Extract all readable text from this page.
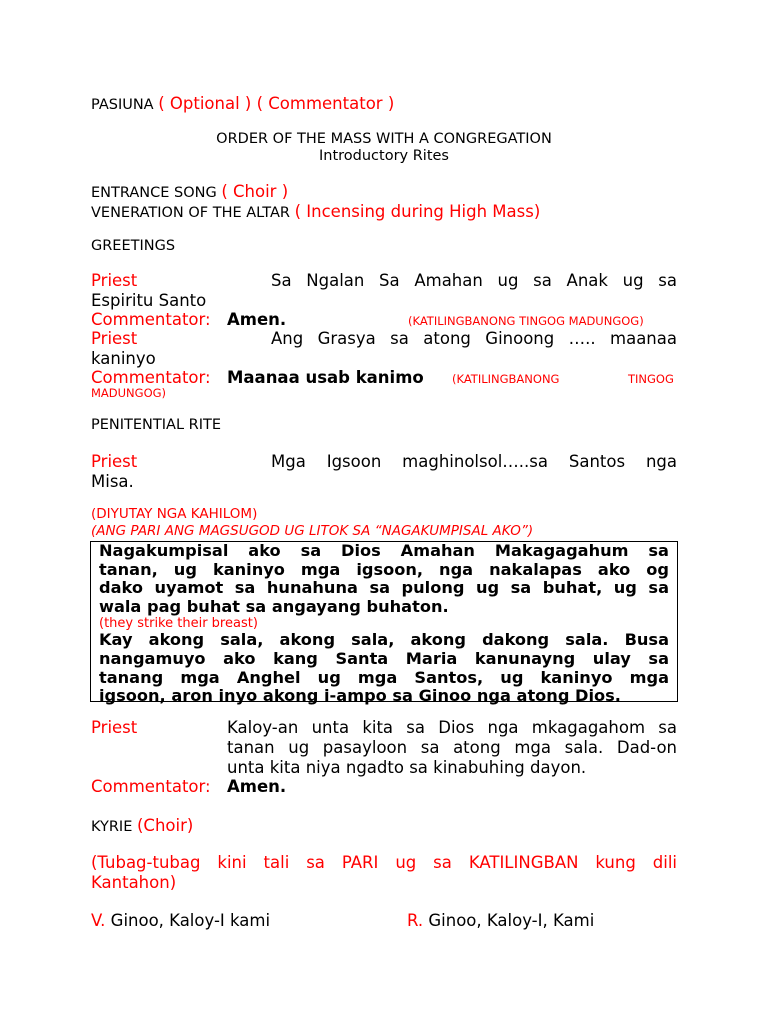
PASIUNA ( Optional ) ( Commentator )
ORDER OF THE MASS WITH A CONGREGATION
Introductory Rites
ENTRANCE SONG ( Choir )
VENERATION OF THE ALTAR ( Incensing during High Mass)
GREETINGS
Priest	Sa Ngalan Sa Amahan ug sa Anak ug sa
Espiritu Santo
Commentator: Amen.	(KATILINGBANONG TINGOG MADUNGOG)
Priest	Ang Grasya sa atong Ginoong ….. maanaa
kaninyo
Commentator: Maanaa usab kanimo (KATILINGBANONG	TINGOG
MADUNGOG)
PENITENTIAL RITE
Priest	Mga Igsoon maghinolsol…..sa Santos nga
Misa.
(DIYUTAY NGA KAHILOM)
(ANG PARI ANG MAGSUGOD UG LITOK SA “NAGAKUMPISAL AKO”)
Nagakumpisal ako sa Dios Amahan Makagagahum sa
tanan, ug kaninyo mga igsoon, nga nakalapas ako og
dako uyamot sa hunahuna sa pulong ug sa buhat, ug sa
wala pag buhat sa angayang buhaton.
(they strike their breast)
Kay akong sala, akong sala, akong dakong sala. Busa
nangamuyo ako kang Santa Maria kanunayng ulay sa
tanang mga Anghel ug mga Santos, ug kaninyo mga
igsoon, aron inyo akong i-ampo sa Ginoo nga atong Dios.
Priest	Kaloy-an unta kita sa Dios nga mkagagahom sa
tanan ug pasayloon sa atong mga sala. Dad-on
unta kita niya ngadto sa kinabuhing dayon.
Commentator: Amen.
KYRIE (Choir)
(Tubag-tubag kini tali sa PARI ug sa KATILINGBAN kung dili
Kantahon)
V. Ginoo, Kaloy-I kami	R. Ginoo, Kaloy-I, Kami
